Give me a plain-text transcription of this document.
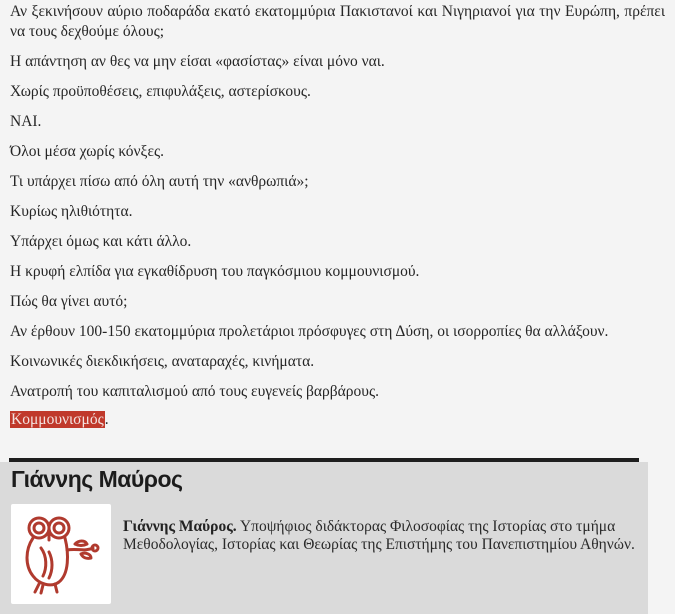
Αν ξεκινήσουν αύριο ποδαράδα εκατό εκατομμύρια Πακιστανοί και Νιγηριανοί για την Ευρώπη, πρέπει να τους δεχθούμε όλους;

Η απάντηση αν θες να μην είσαι «φασίστας» είναι μόνο ναι.

Χωρίς προϋποθέσεις, επιφυλάξεις, αστερίσκους.

ΝΑΙ.

Όλοι μέσα χωρίς κόνξες.

Τι υπάρχει πίσω από όλη αυτή την «ανθρωπιά»;

Κυρίως ηλιθιότητα.

Υπάρχει όμως και κάτι άλλο.

Η κρυφή ελπίδα για εγκαθίδρυση του παγκόσμιου κομμουνισμού.

Πώς θα γίνει αυτό;

Αν έρθουν 100-150 εκατομμύρια προλετάριοι πρόσφυγες στη Δύση, οι ισορροπίες θα αλλάξουν.

Κοινωνικές διεκδικήσεις, αναταραχές, κινήματα.

Ανατροπή του καπιταλισμού από τους ευγενείς βαρβάρους.

Κομμουνισμός.

Γιάννης Μαύρος
Γιάννης Μαύρος. Υποψήφιος διδάκτορας Φιλοσοφίας της Ιστορίας στο τμήμα Μεθοδολογίας, Ιστορίας και Θεωρίας της Επιστήμης του Πανεπιστημίου Αθηνών.
